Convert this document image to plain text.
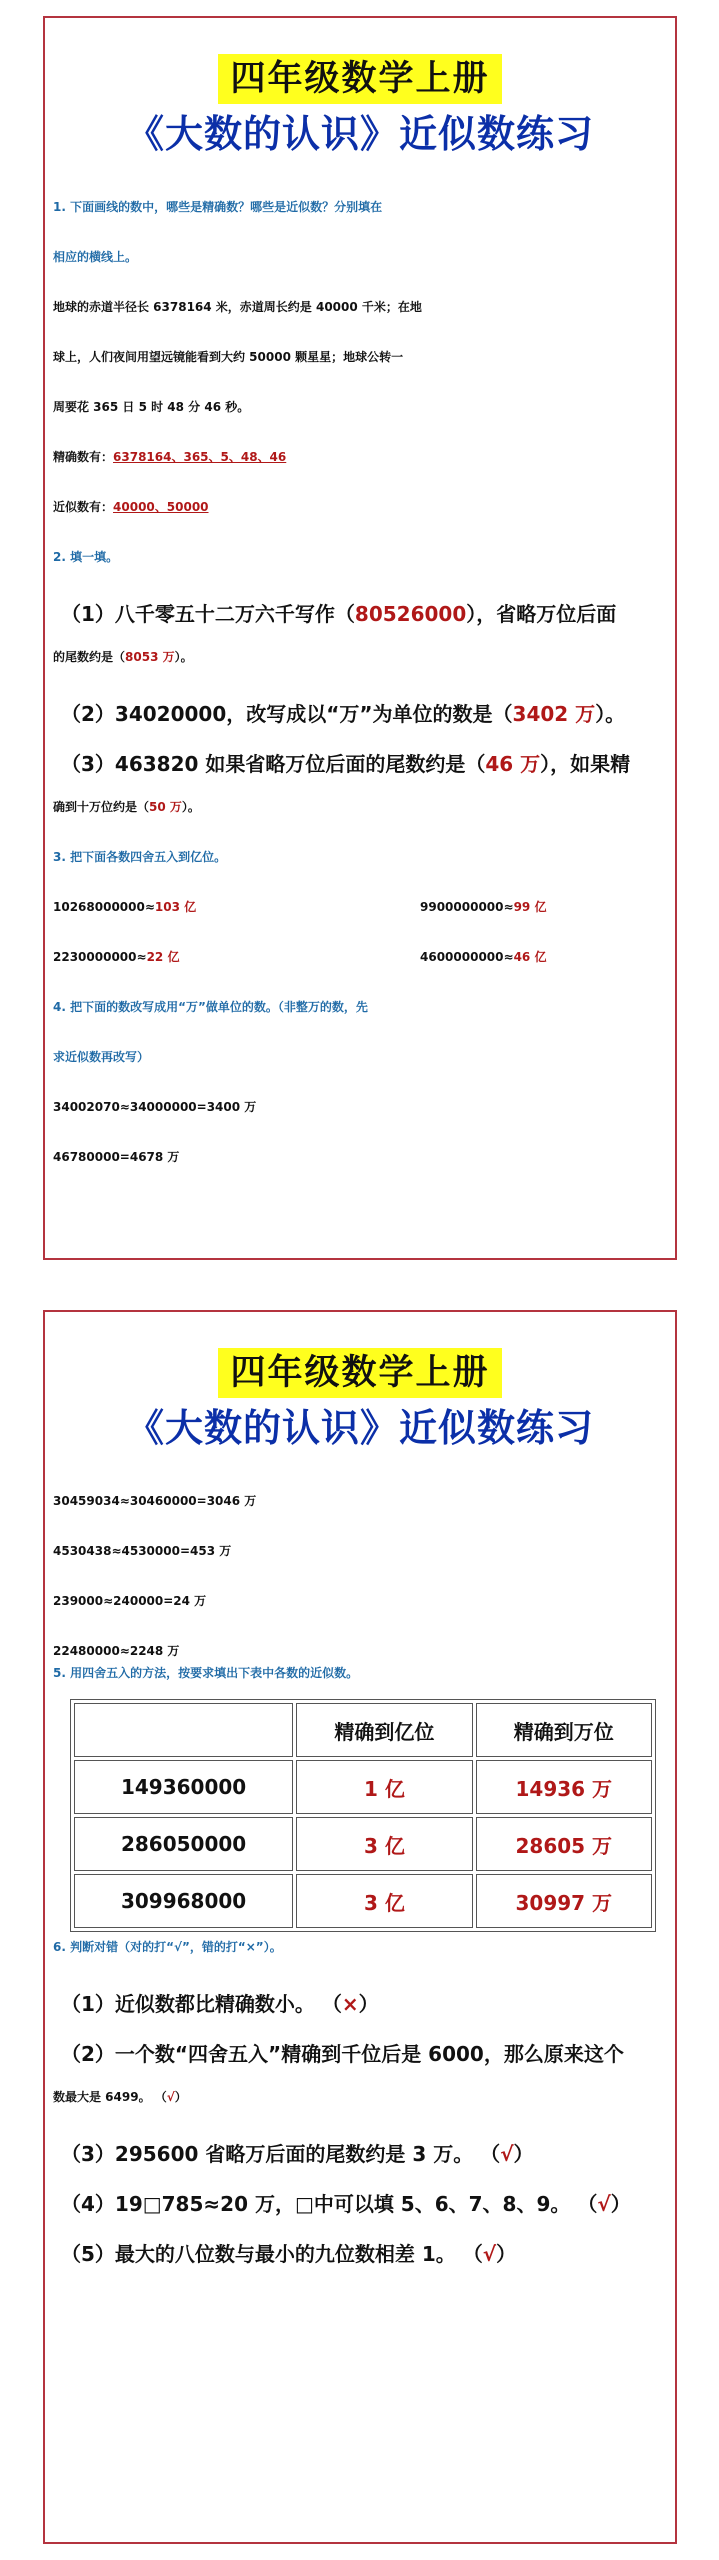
四年级数学上册
《大数的认识》近似数练习
1. 下面画线的数中，哪些是精确数？哪些是近似数？分别填在
相应的横线上。
地球的赤道半径长 6378164 米，赤道周长约是 40000 千米；在地
球上，人们夜间用望远镜能看到大约 50000 颗星星；地球公转一
周要花 365 日 5 时 48 分 46 秒。
精确数有：6378164、365、5、48、46
近似数有：40000、50000
2. 填一填。
（1）八千零五十二万六千写作（80526000），省略万位后面
的尾数约是（8053 万）。
（2）34020000，改写成以“万”为单位的数是（3402 万）。
（3）463820 如果省略万位后面的尾数约是（46 万），如果精
确到十万位约是（50 万）。
3. 把下面各数四舍五入到亿位。
10268000000≈103 亿	9900000000≈99 亿
2230000000≈22 亿	4600000000≈46 亿
4. 把下面的数改写成用“万”做单位的数。（非整万的数，先
求近似数再改写）
34002070≈34000000=3400 万
46780000=4678 万
四年级数学上册
《大数的认识》近似数练习
30459034≈30460000=3046 万
4530438≈4530000=453 万
239000≈240000=24 万
22480000≈2248 万
5. 用四舍五入的方法，按要求填出下表中各数的近似数。
	精确到亿位	精确到万位
149360000	1 亿	14936 万
286050000	3 亿	28605 万
309968000	3 亿	30997 万
6. 判断对错（对的打“√”，错的打“×”）。
（1）近似数都比精确数小。 （×）
（2）一个数“四舍五入”精确到千位后是 6000，那么原来这个
数最大是 6499。 （√）
（3）295600 省略万后面的尾数约是 3 万。 （√）
（4）19□785≈20 万，□中可以填 5、6、7、8、9。 （√）
（5）最大的八位数与最小的九位数相差 1。 （√）
